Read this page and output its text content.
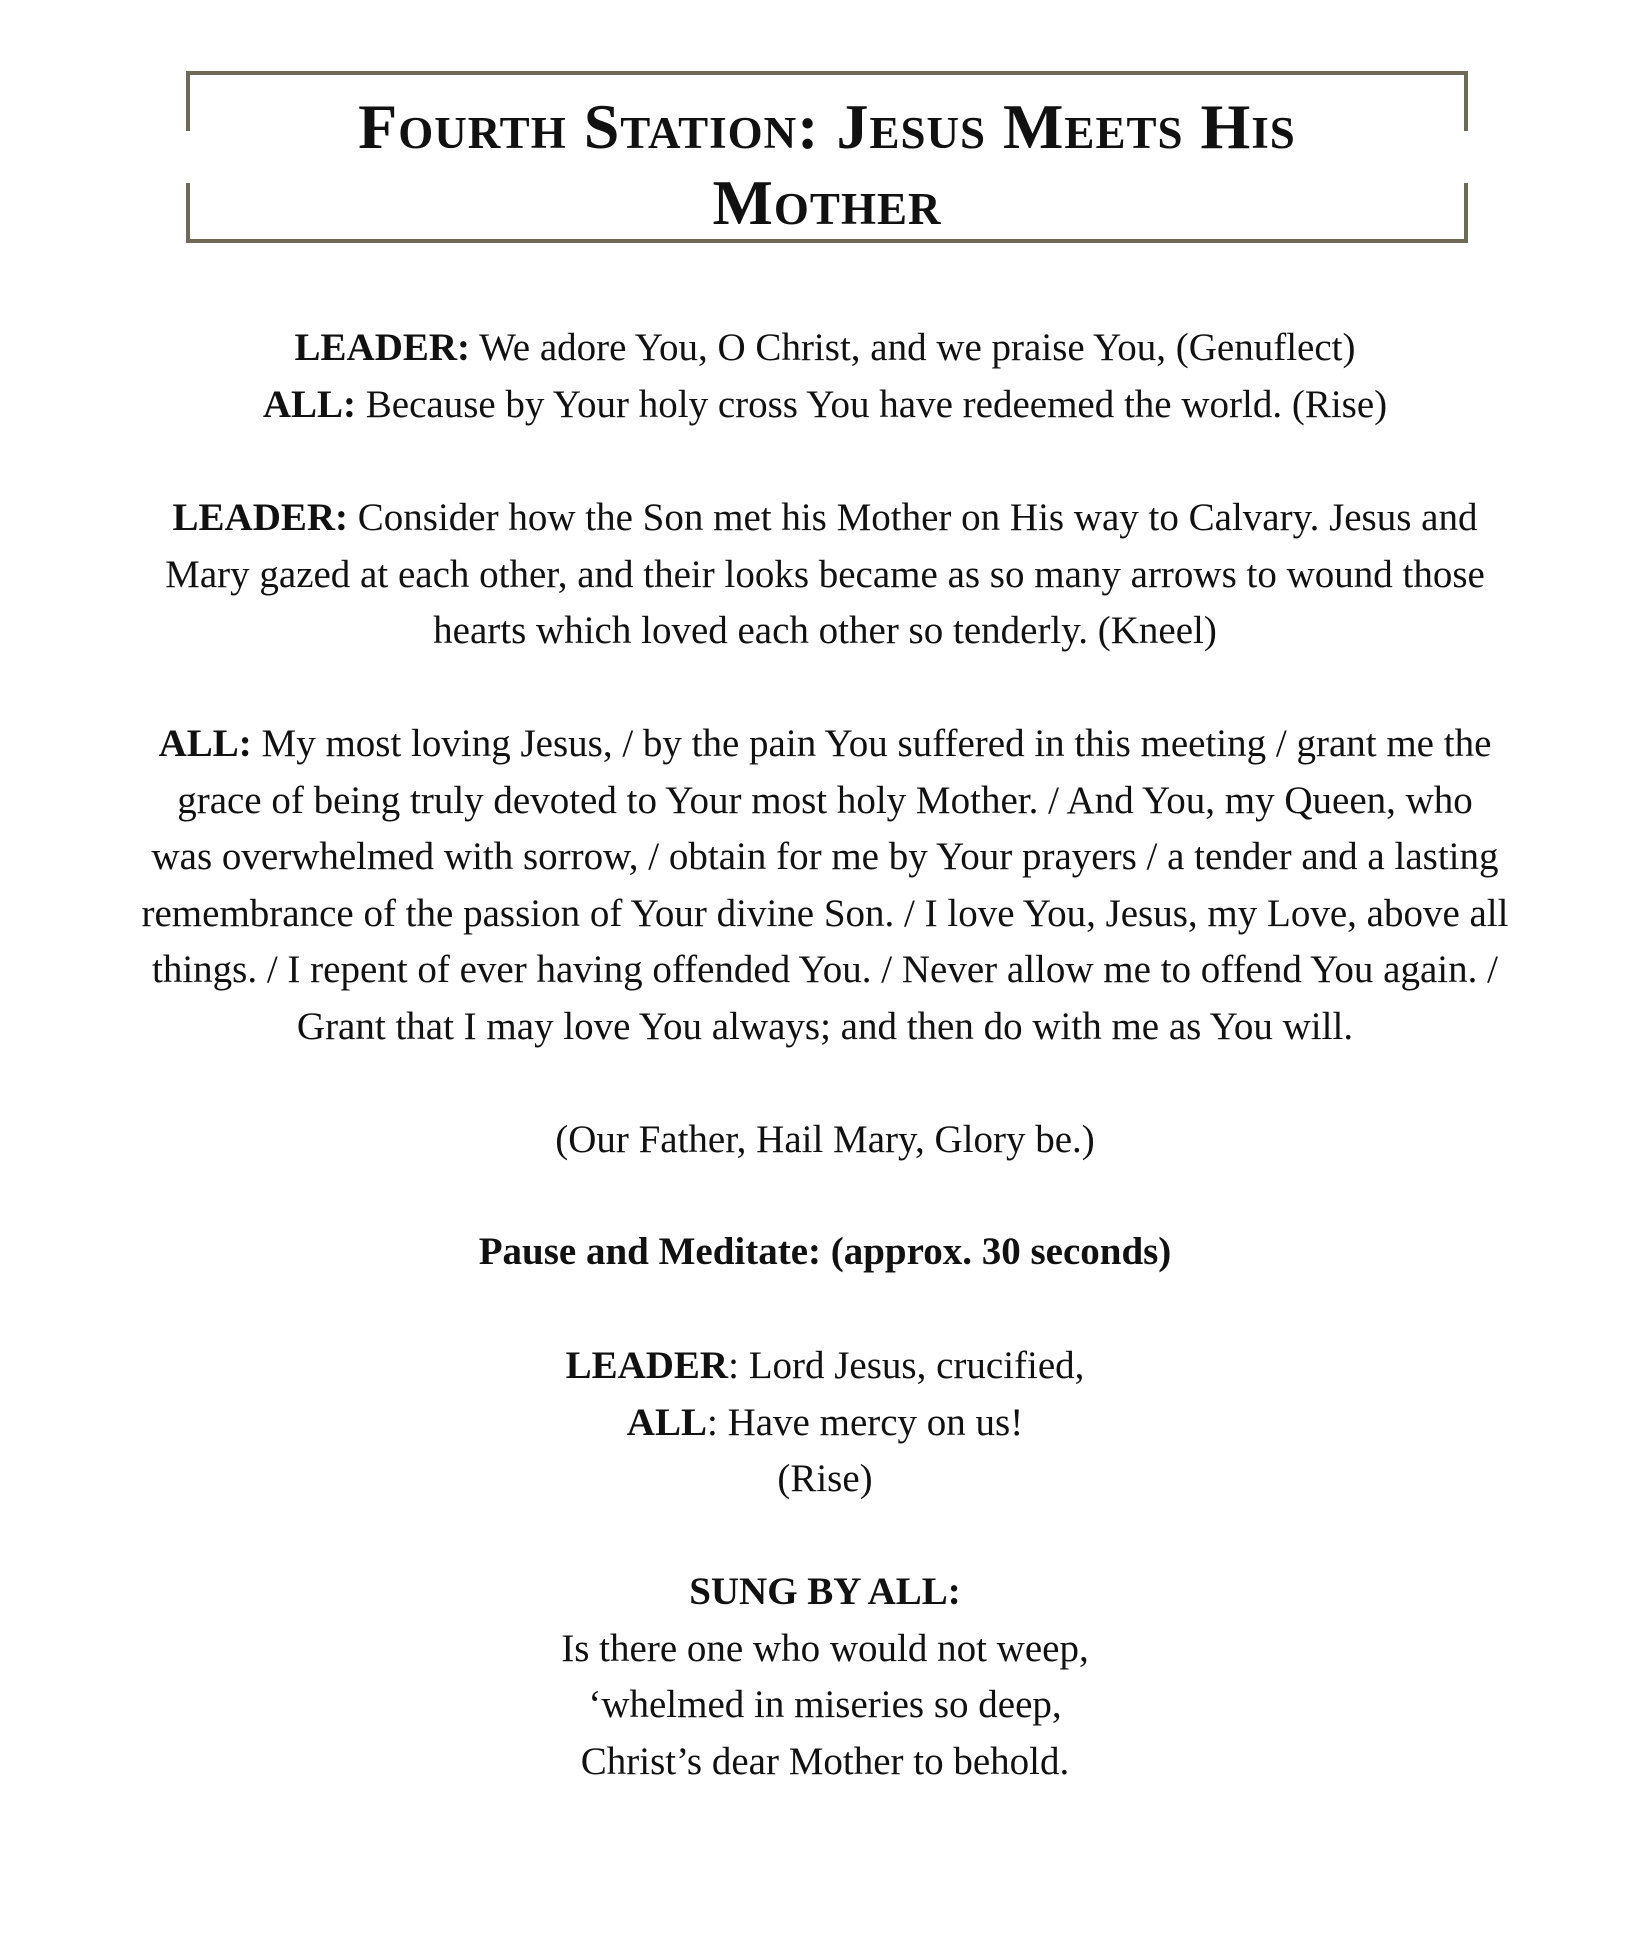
Fourth Station: Jesus Meets His
Mother

LEADER: We adore You, O Christ, and we praise You, (Genuflect)

ALL: Because by Your holy cross You have redeemed the world. (Rise)

LEADER: Consider how the Son met his Mother on His way to Calvary. Jesus and

Mary gazed at each other, and their looks became as so many arrows to wound those

hearts which loved each other so tenderly. (Kneel)

ALL: My most loving Jesus, / by the pain You suffered in this meeting / grant me the

grace of being truly devoted to Your most holy Mother. / And You, my Queen, who

was overwhelmed with sorrow, / obtain for me by Your prayers / a tender and a lasting

remembrance of the passion of Your divine Son. / I love You, Jesus, my Love, above all

things. / I repent of ever having offended You. / Never allow me to offend You again. /

Grant that I may love You always; and then do with me as You will.

(Our Father, Hail Mary, Glory be.)

Pause and Meditate: (approx. 30 seconds)

LEADER: Lord Jesus, crucified,

ALL: Have mercy on us!

(Rise)

SUNG BY ALL:

Is there one who would not weep,

‘whelmed in miseries so deep,

Christ’s dear Mother to behold.
